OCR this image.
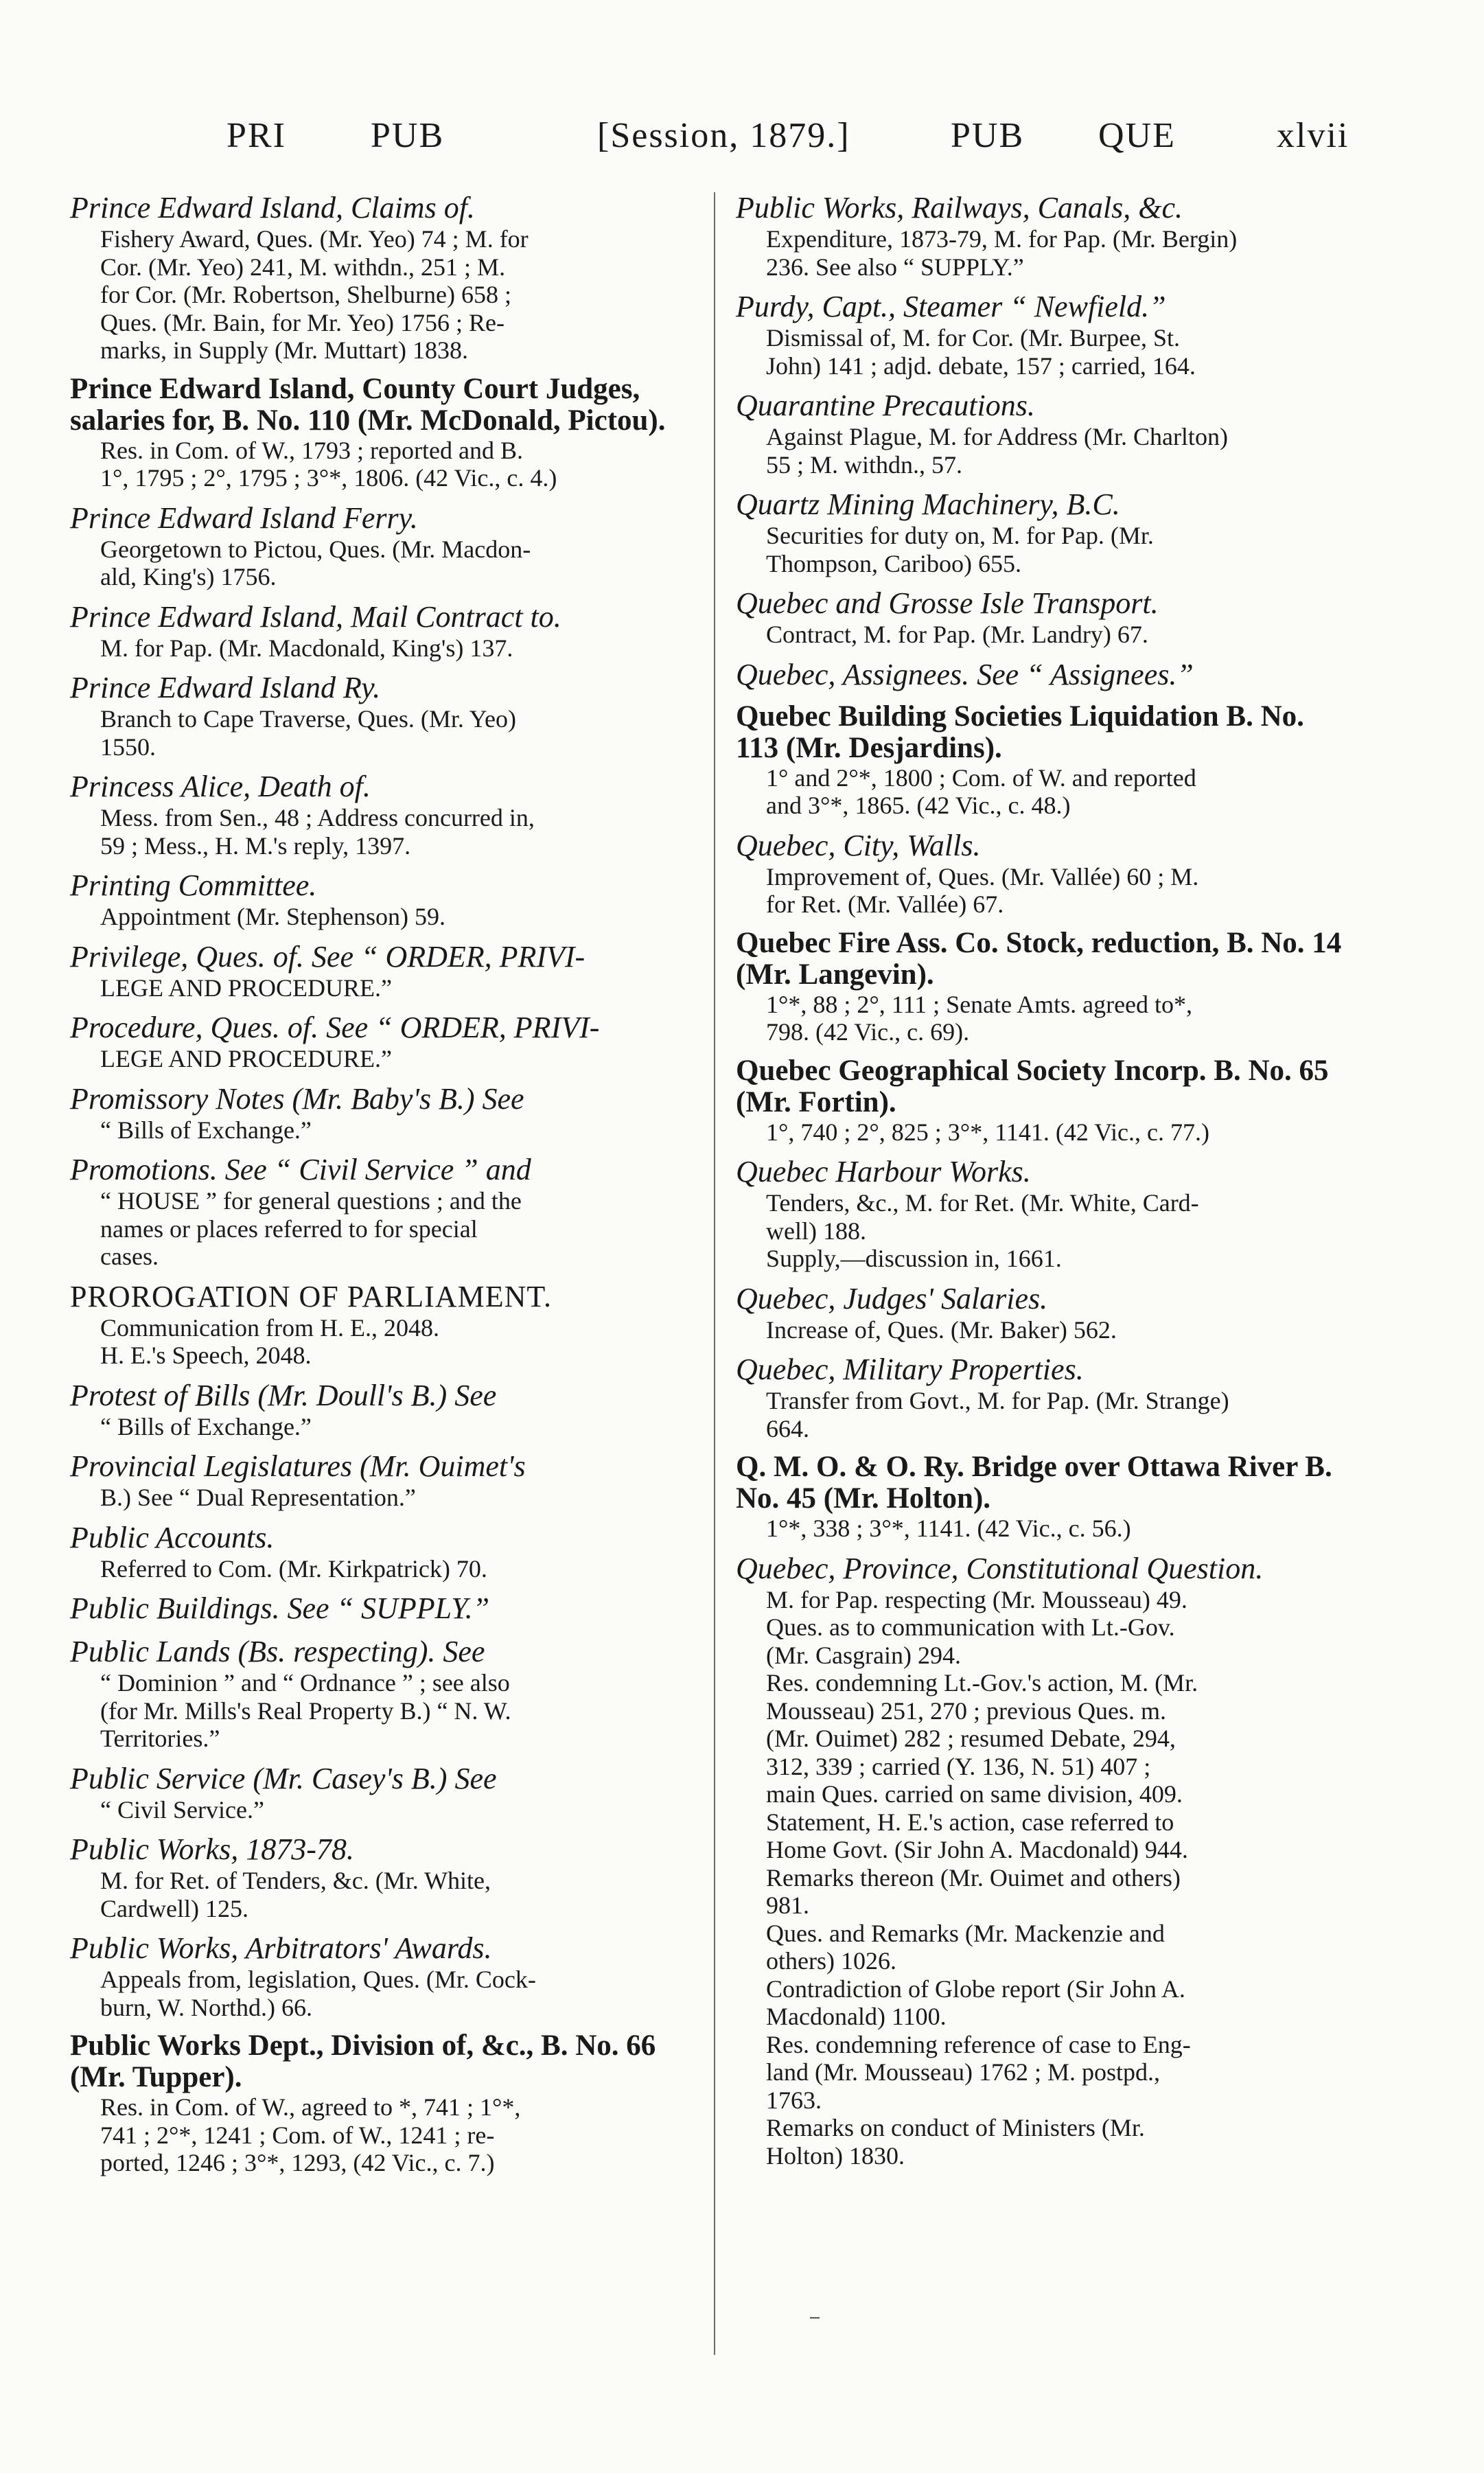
PRI PUB	[Session, 1879.]	PUB QUE	xlvii
Prince Edward Island, Claims of.
Fishery Award, Ques. (Mr. Yeo) 74 ; M. for
Cor. (Mr. Yeo) 241, M. withdn., 251 ; M.
for Cor. (Mr. Robertson, Shelburne) 658 ;
Ques. (Mr. Bain, for Mr. Yeo) 1756 ; Re-
marks, in Supply (Mr. Muttart) 1838.
Prince Edward Island, County Court Judges, salaries for, B. No. 110 (Mr. McDonald, Pictou).
Res. in Com. of W., 1793 ; reported and B.
1°, 1795 ; 2°, 1795 ; 3°*, 1806. (42 Vic., c. 4.)
Prince Edward Island Ferry.
Georgetown to Pictou, Ques. (Mr. Macdon-
ald, King's) 1756.
Prince Edward Island, Mail Contract to.
M. for Pap. (Mr. Macdonald, King's) 137.
Prince Edward Island Ry.
Branch to Cape Traverse, Ques. (Mr. Yeo)
1550.
Princess Alice, Death of.
Mess. from Sen., 48 ; Address concurred in,
59 ; Mess., H. M.'s reply, 1397.
Printing Committee.
Appointment (Mr. Stephenson) 59.
Privilege, Ques. of. See “ ORDER, PRIVI-
LEGE AND PROCEDURE.”
Procedure, Ques. of. See “ ORDER, PRIVI-
LEGE AND PROCEDURE.”
Promissory Notes (Mr. Baby's B.) See
“ Bills of Exchange.”
Promotions. See “ Civil Service ” and
“ HOUSE ” for general questions ; and the
names or places referred to for special
cases.
PROROGATION OF PARLIAMENT.
Communication from H. E., 2048.
H. E.'s Speech, 2048.
Protest of Bills (Mr. Doull's B.) See
“ Bills of Exchange.”
Provincial Legislatures (Mr. Ouimet's
B.) See “ Dual Representation.”
Public Accounts.
Referred to Com. (Mr. Kirkpatrick) 70.
Public Buildings. See “ SUPPLY.”
Public Lands (Bs. respecting). See
“ Dominion ” and “ Ordnance ” ; see also
(for Mr. Mills's Real Property B.) “ N. W.
Territories.”
Public Service (Mr. Casey's B.) See
“ Civil Service.”
Public Works, 1873-78.
M. for Ret. of Tenders, &c. (Mr. White,
Cardwell) 125.
Public Works, Arbitrators' Awards.
Appeals from, legislation, Ques. (Mr. Cock-
burn, W. Northd.) 66.
Public Works Dept., Division of, &c., B. No. 66 (Mr. Tupper).
Res. in Com. of W., agreed to *, 741 ; 1°*,
741 ; 2°*, 1241 ; Com. of W., 1241 ; re-
ported, 1246 ; 3°*, 1293, (42 Vic., c. 7.)
Public Works, Railways, Canals, &c.
Expenditure, 1873-79, M. for Pap. (Mr. Bergin)
236. See also “ SUPPLY.”
Purdy, Capt., Steamer “ Newfield.”
Dismissal of, M. for Cor. (Mr. Burpee, St.
John) 141 ; adjd. debate, 157 ; carried, 164.
Quarantine Precautions.
Against Plague, M. for Address (Mr. Charlton)
55 ; M. withdn., 57.
Quartz Mining Machinery, B.C.
Securities for duty on, M. for Pap. (Mr.
Thompson, Cariboo) 655.
Quebec and Grosse Isle Transport.
Contract, M. for Pap. (Mr. Landry) 67.
Quebec, Assignees. See “ Assignees.”
Quebec Building Societies Liquidation B. No. 113 (Mr. Desjardins).
1° and 2°*, 1800 ; Com. of W. and reported
and 3°*, 1865. (42 Vic., c. 48.)
Quebec, City, Walls.
Improvement of, Ques. (Mr. Vallée) 60 ; M.
for Ret. (Mr. Vallée) 67.
Quebec Fire Ass. Co. Stock, reduction, B. No. 14 (Mr. Langevin).
1°*, 88 ; 2°, 111 ; Senate Amts. agreed to*,
798. (42 Vic., c. 69).
Quebec Geographical Society Incorp. B. No. 65 (Mr. Fortin).
1°, 740 ; 2°, 825 ; 3°*, 1141. (42 Vic., c. 77.)
Quebec Harbour Works.
Tenders, &c., M. for Ret. (Mr. White, Card-
well) 188.
Supply,—discussion in, 1661.
Quebec, Judges' Salaries.
Increase of, Ques. (Mr. Baker) 562.
Quebec, Military Properties.
Transfer from Govt., M. for Pap. (Mr. Strange)
664.
Q. M. O. & O. Ry. Bridge over Ottawa River B. No. 45 (Mr. Holton).
1°*, 338 ; 3°*, 1141. (42 Vic., c. 56.)
Quebec, Province, Constitutional Question.
M. for Pap. respecting (Mr. Mousseau) 49.
Ques. as to communication with Lt.-Gov.
(Mr. Casgrain) 294.
Res. condemning Lt.-Gov.'s action, M. (Mr.
Mousseau) 251, 270 ; previous Ques. m.
(Mr. Ouimet) 282 ; resumed Debate, 294,
312, 339 ; carried (Y. 136, N. 51) 407 ;
main Ques. carried on same division, 409.
Statement, H. E.'s action, case referred to
Home Govt. (Sir John A. Macdonald) 944.
Remarks thereon (Mr. Ouimet and others)
981.
Ques. and Remarks (Mr. Mackenzie and
others) 1026.
Contradiction of Globe report (Sir John A.
Macdonald) 1100.
Res. condemning reference of case to Eng-
land (Mr. Mousseau) 1762 ; M. postpd.,
1763.
Remarks on conduct of Ministers (Mr.
Holton) 1830.
